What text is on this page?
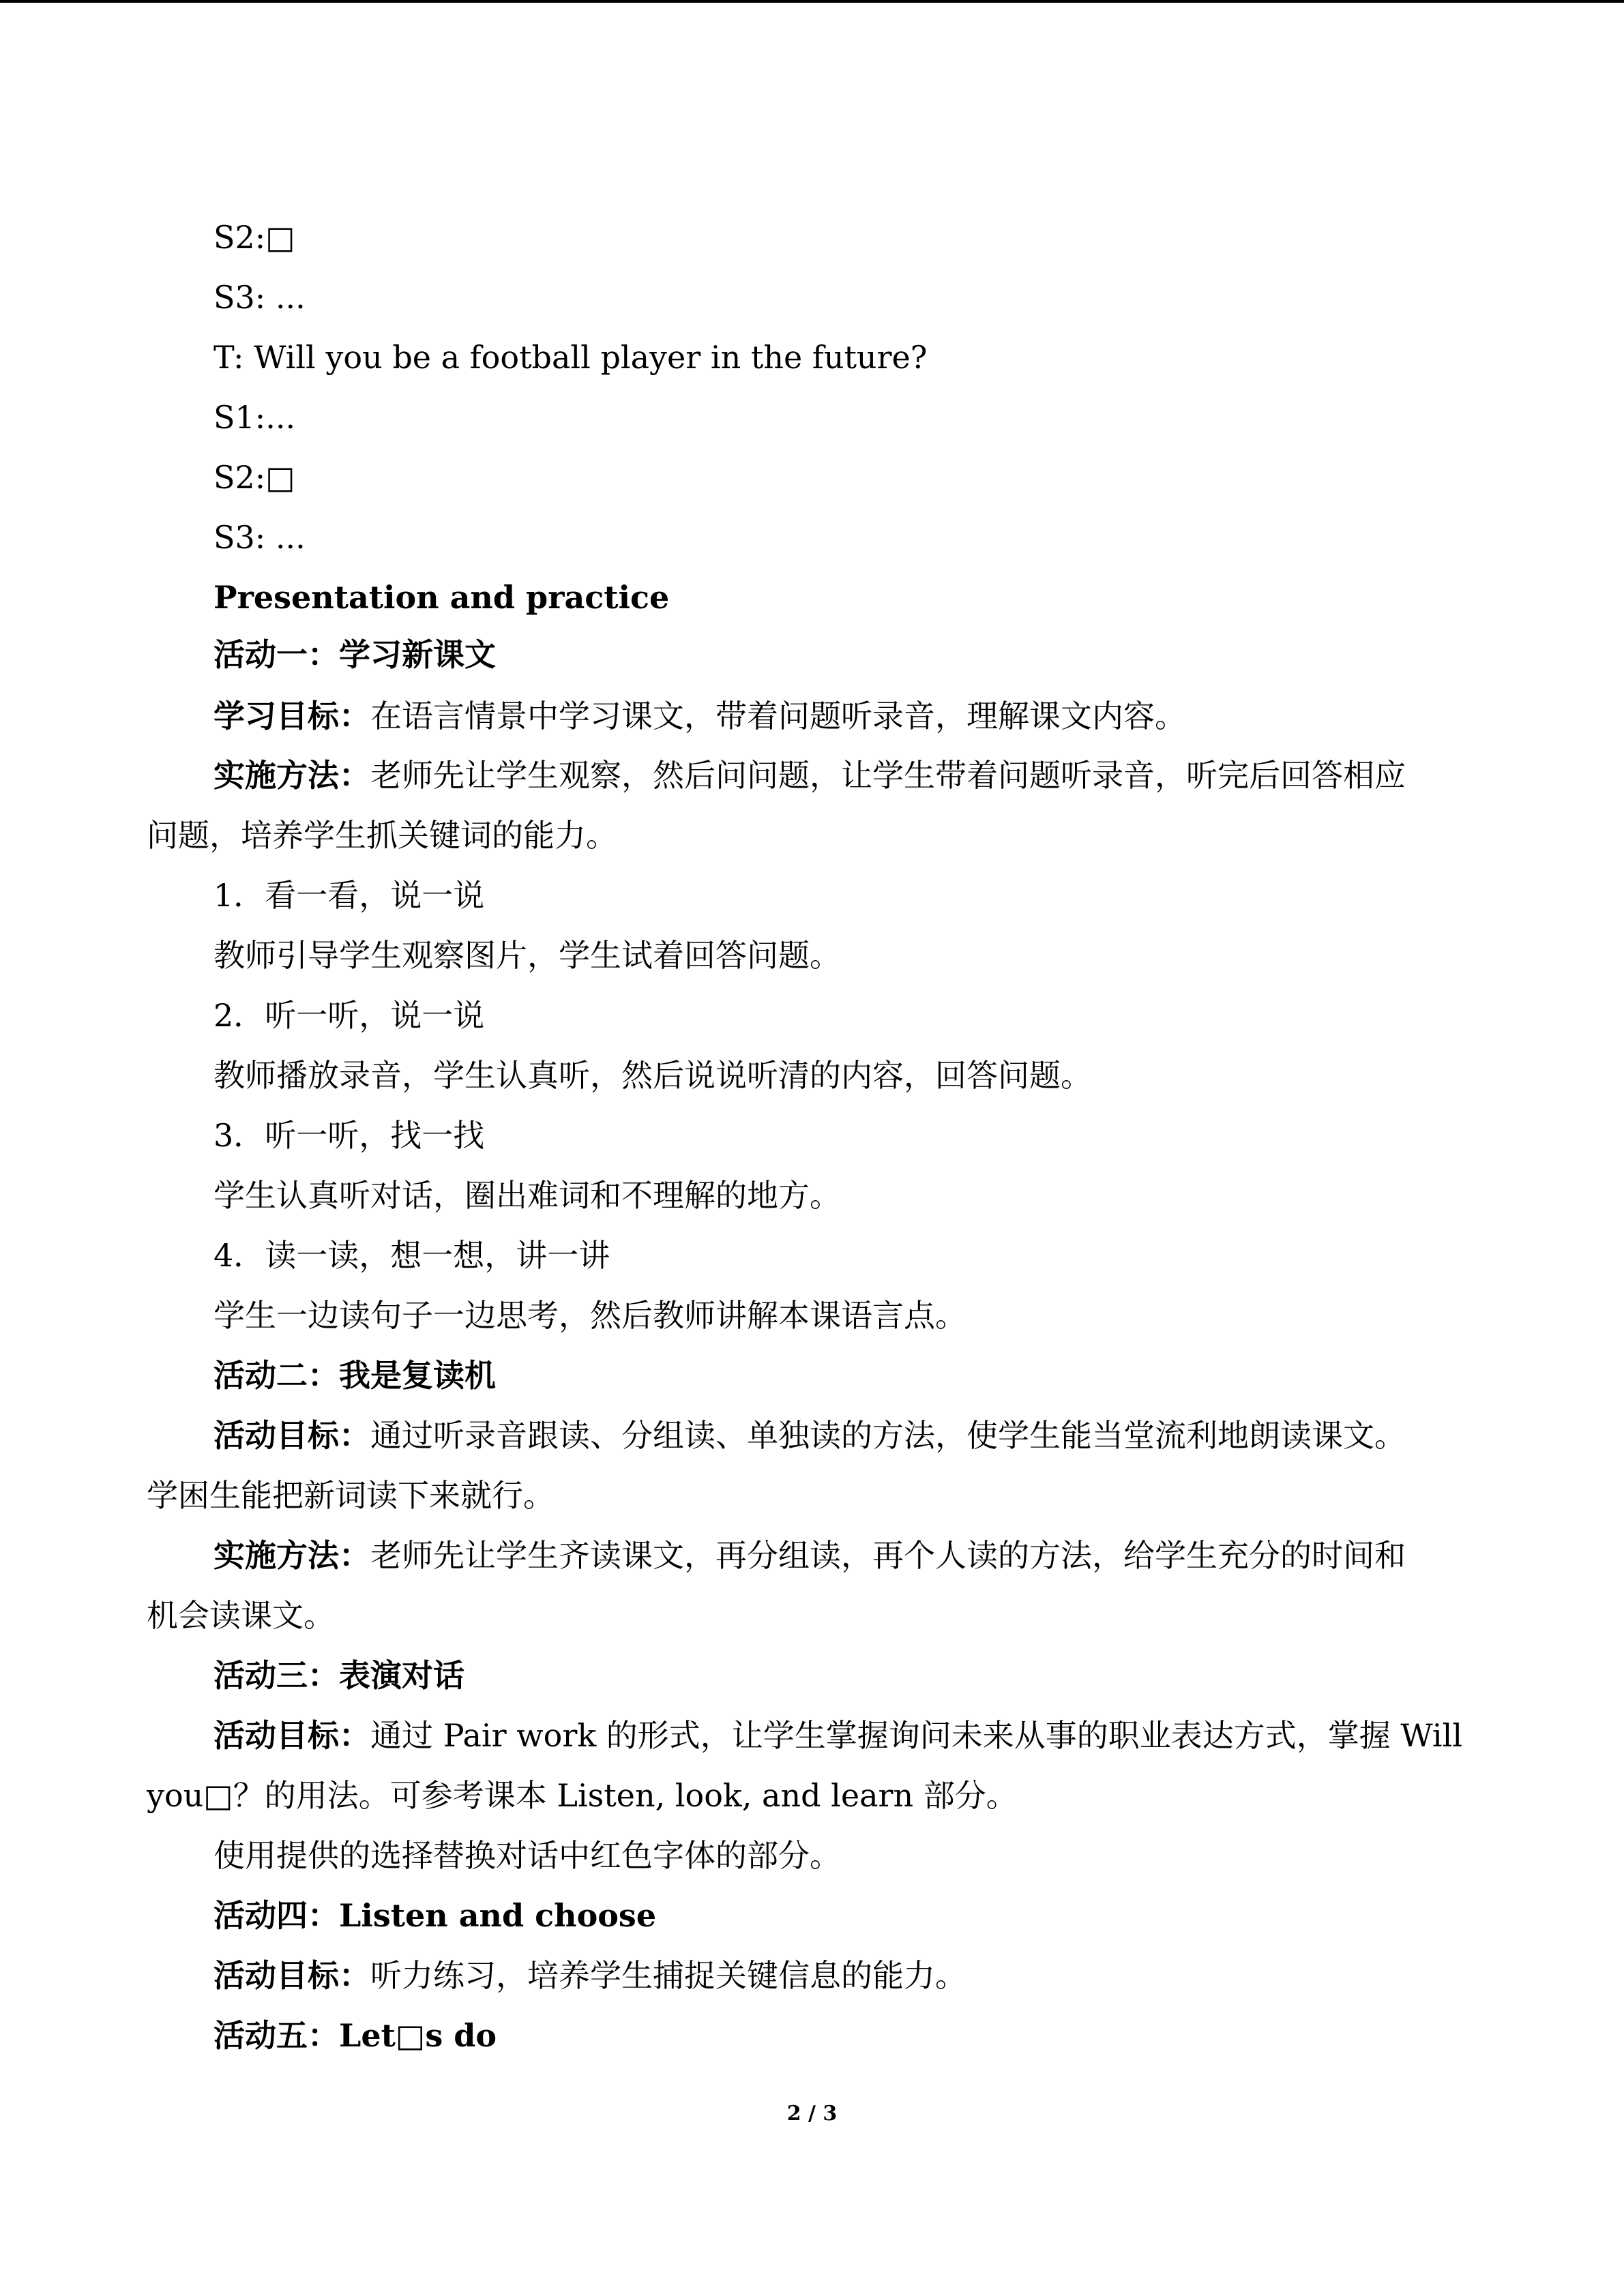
S2:□
S3: ...
T: Will you be a football player in the future?
S1:...
S2:□
S3: ...
Presentation and practice
活动一：学习新课文
学习目标：在语言情景中学习课文，带着问题听录音，理解课文内容。
实施方法：老师先让学生观察，然后问问题，让学生带着问题听录音，听完后回答相应
问题，培养学生抓关键词的能力。
1．看一看，说一说
教师引导学生观察图片，学生试着回答问题。
2．听一听，说一说
教师播放录音，学生认真听，然后说说听清的内容，回答问题。
3．听一听，找一找
学生认真听对话，圈出难词和不理解的地方。
4．读一读，想一想，讲一讲
学生一边读句子一边思考，然后教师讲解本课语言点。
活动二：我是复读机
活动目标：通过听录音跟读、分组读、单独读的方法，使学生能当堂流利地朗读课文。
学困生能把新词读下来就行。
实施方法：老师先让学生齐读课文，再分组读，再个人读的方法，给学生充分的时间和
机会读课文。
活动三：表演对话
活动目标：通过 Pair work 的形式，让学生掌握询问未来从事的职业表达方式，掌握 Will
you□？的用法。可参考课本 Listen, look, and learn 部分。
使用提供的选择替换对话中红色字体的部分。
活动四：Listen and choose
活动目标：听力练习，培养学生捕捉关键信息的能力。
活动五：Let□s do
2 / 3
